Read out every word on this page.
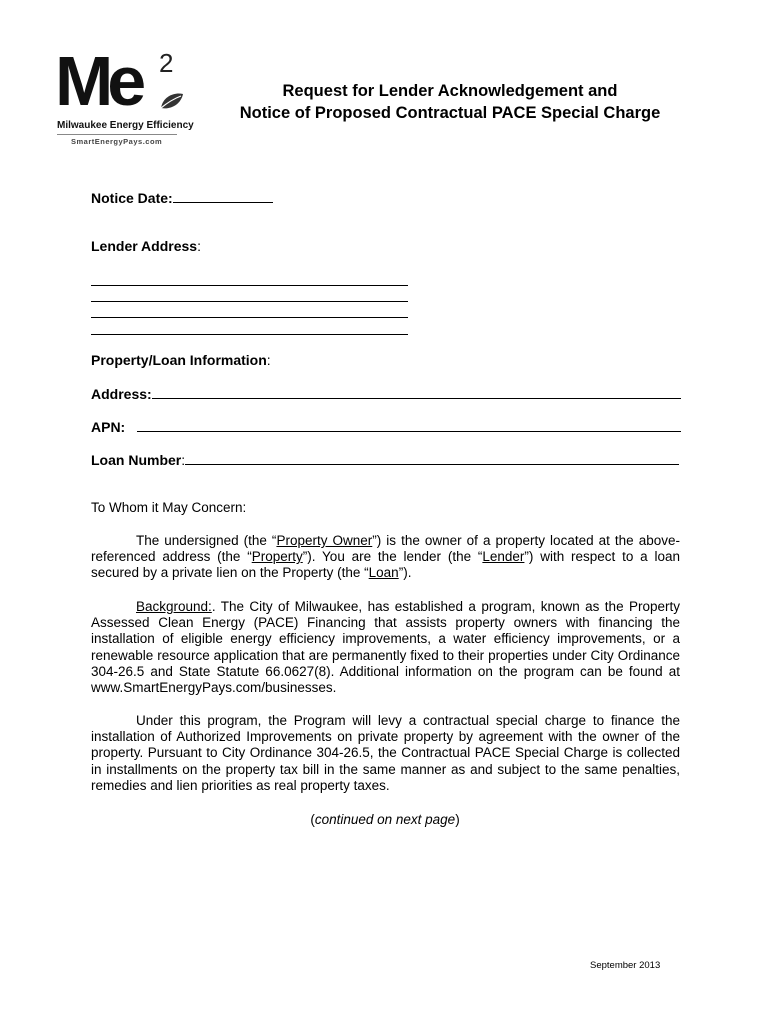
Me 2
Milwaukee Energy Efficiency
SmartEnergyPays.com
Request for Lender Acknowledgement and
Notice of Proposed Contractual PACE Special Charge
Notice Date:
Lender Address:
Property/Loan Information:
Address:
APN:
Loan Number:
To Whom it May Concern:
The undersigned (the “Property Owner”) is the owner of a property located at the above-referenced address (the “Property”). You are the lender (the “Lender”) with respect to a loan secured by a private lien on the Property (the “Loan”).
Background:. The City of Milwaukee, has established a program, known as the Property Assessed Clean Energy (PACE) Financing that assists property owners with financing the installation of eligible energy efficiency improvements, a water efficiency improvements, or a renewable resource application that are permanently fixed to their properties under City Ordinance 304-26.5 and State Statute 66.0627(8). Additional information on the program can be found at www.SmartEnergyPays.com/businesses.
Under this program, the Program will levy a contractual special charge to finance the installation of Authorized Improvements on private property by agreement with the owner of the property. Pursuant to City Ordinance 304-26.5, the Contractual PACE Special Charge is collected in installments on the property tax bill in the same manner as and subject to the same penalties, remedies and lien priorities as real property taxes.
(continued on next page)
September 2013
